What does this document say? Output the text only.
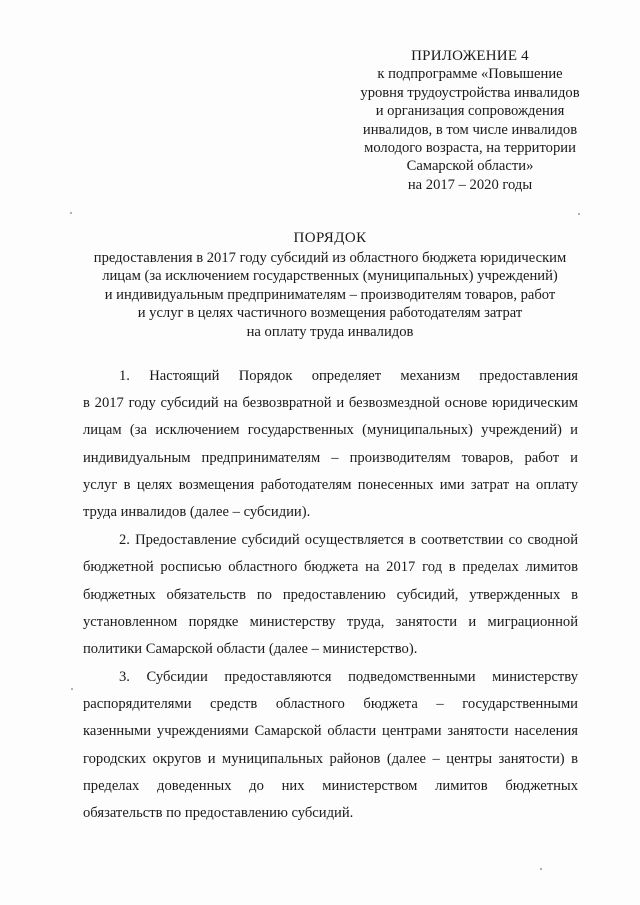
ПРИЛОЖЕНИЕ 4
к подпрограмме «Повышение
уровня трудоустройства инвалидов
и организация сопровождения
инвалидов, в том числе инвалидов
молодого возраста, на территории
Самарской области»
на 2017 – 2020 годы
ПОРЯДОК
предоставления в 2017 году субсидий из областного бюджета юридическим
лицам (за исключением государственных (муниципальных) учреждений)
и индивидуальным предпринимателям – производителям товаров, работ
и услуг в целях частичного возмещения работодателям затрат
на оплату труда инвалидов
1. Настоящий Порядок определяет механизм предоставления
в 2017 году субсидий на безвозвратной и безвозмездной основе юридическим
лицам (за исключением государственных (муниципальных) учреждений) и
индивидуальным предпринимателям – производителям товаров, работ и
услуг в целях возмещения работодателям понесенных ими затрат на оплату
труда инвалидов (далее – субсидии).
2. Предоставление субсидий осуществляется в соответствии со сводной
бюджетной росписью областного бюджета на 2017 год в пределах лимитов
бюджетных обязательств по предоставлению субсидий, утвержденных в
установленном порядке министерству труда, занятости и миграционной
политики Самарской области (далее – министерство).
3. Субсидии предоставляются подведомственными министерству
распорядителями средств областного бюджета – государственными
казенными учреждениями Самарской области центрами занятости населения
городских округов и муниципальных районов (далее – центры занятости) в
пределах доведенных до них министерством лимитов бюджетных
обязательств по предоставлению субсидий.
